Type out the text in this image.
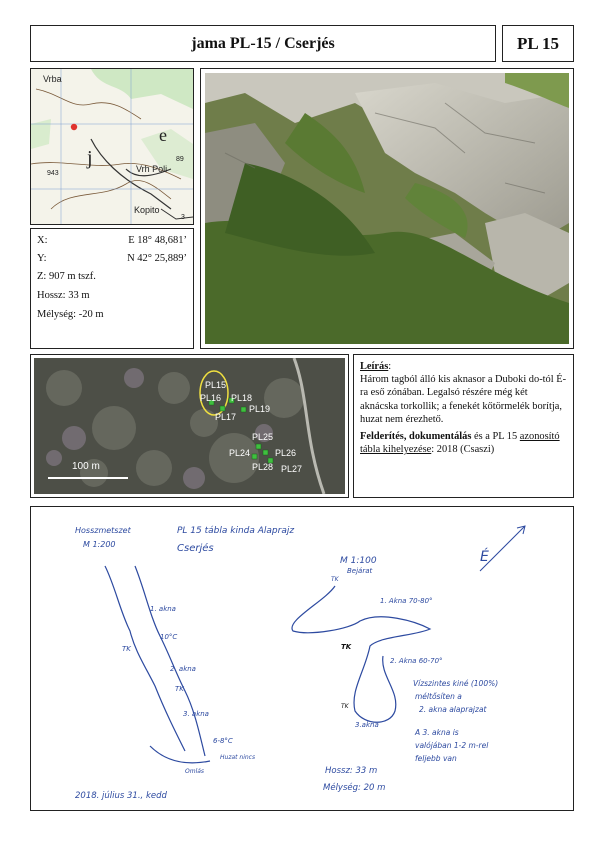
jama PL-15 / Cserjés	PL 15
Vrba
j
e
Vrh Poli
943
89
Kopito
3
X:	E 18° 48,681’
Y:	N 42° 25,889’
Z: 907 m tszf.
Hossz: 33 m
Mélység: -20 m
PL15
PL16 PL18
PL17
PL19
PL25
PL24	PL26
PL28 PL27
100 m
Leírás:
Három tagból álló kis aknasor a Duboki do-tól É-ra eső zónában. Legalsó részére még két aknácska torkollik; a fenekét kőtörmelék borítja, huzat nem érezhető.
Felderítés, dokumentálás és a PL 15 azonosító tábla kihelyezése: 2018 (Csaszi)
Hosszmetszet
M 1:200
PL 15 tábla kinda Alaprajz
Cserjés
M 1:100	É
1. akna
10°C
TK
2. akna
TK
3. akna
6-8°C
Huzat nincs
Omlás
TK
Bejárat
1. Akna 70-80°
TK
2. Akna 60-70°
TK
3.akna
Vízszintes kiné (100%)
méltősíten a
2. akna alaprajzat
A 3. akna is
valójában 1-2 m-rel
feljebb van
Hossz: 33 m
Mélység: 20 m
2018. július 31., kedd
